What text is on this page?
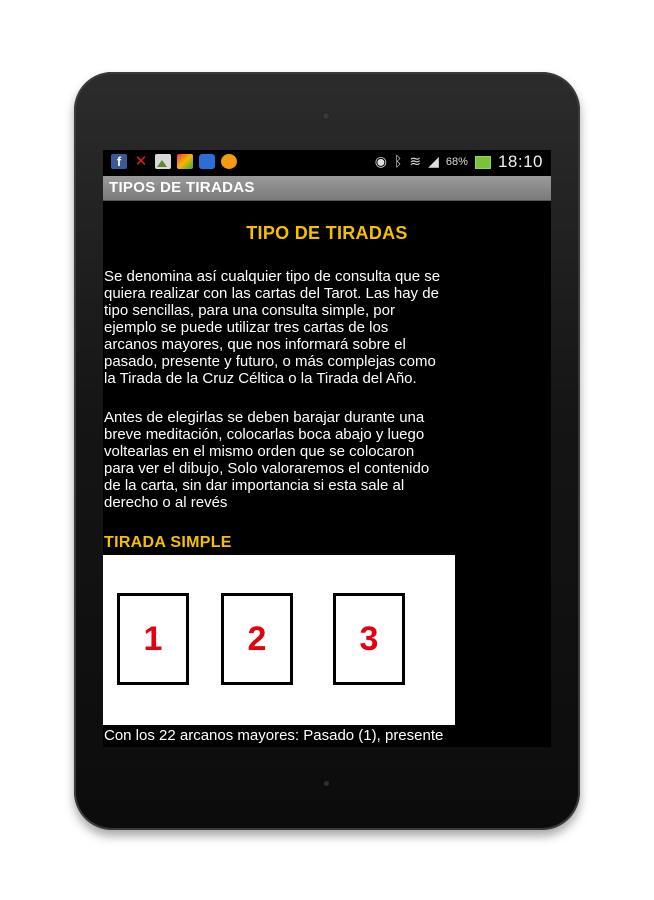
f ✕	◉ ᛒ ≋ ◢ 68% 18:10
TIPOS DE TIRADAS
TIPO DE TIRADAS

Se denomina así cualquier tipo de consulta que se
quiera realizar con las cartas del Tarot. Las hay de
tipo sencillas, para una consulta simple, por
ejemplo se puede utilizar tres cartas de los
arcanos mayores, que nos informará sobre el
pasado, presente y futuro, o más complejas como
la Tirada de la Cruz Céltica o la Tirada del Año.

Antes de elegirlas se deben barajar durante una
breve meditación, colocarlas boca abajo y luego
voltearlas en el mismo orden que se colocaron
para ver el dibujo, Solo valoraremos el contenido
de la carta, sin dar importancia si esta sale al
derecho o al revés

TIRADA SIMPLE
1	2	3

Con los 22 arcanos mayores: Pasado (1), presente
